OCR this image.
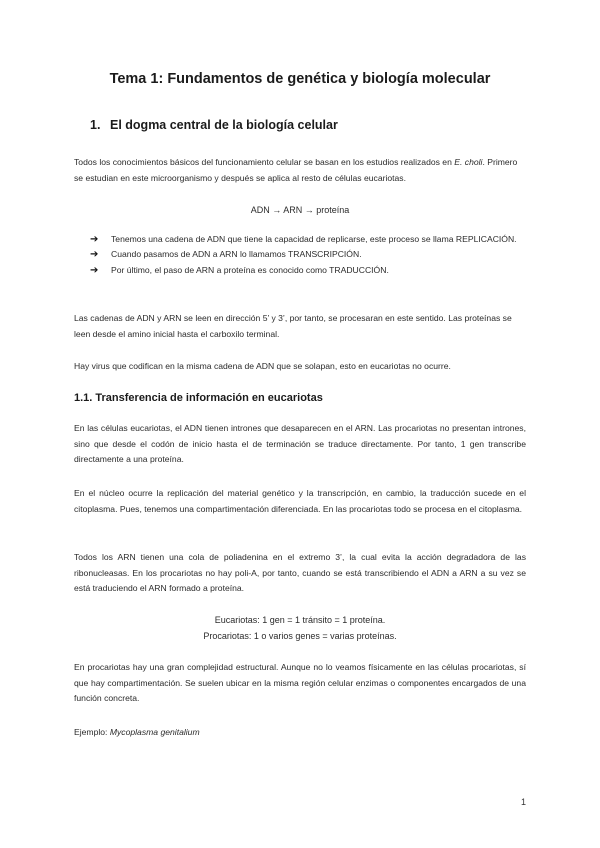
Tema 1: Fundamentos de genética y biología molecular
1. El dogma central de la biología celular

Todos los conocimientos básicos del funcionamiento celular se basan en los estudios realizados en E. choli. Primero se estudian en este microorganismo y después se aplica al resto de células eucariotas.

ADN → ARN → proteína
➔ Tenemos una cadena de ADN que tiene la capacidad de replicarse, este proceso se llama REPLICACIÓN.
➔ Cuando pasamos de ADN a ARN lo llamamos TRANSCRIPCIÓN.
➔ Por último, el paso de ARN a proteína es conocido como TRADUCCIÓN.

Las cadenas de ADN y ARN se leen en dirección 5’ y 3’, por tanto, se procesaran en este sentido. Las proteínas se leen desde el amino inicial hasta el carboxilo terminal.

Hay virus que codifican en la misma cadena de ADN que se solapan, esto en eucariotas no ocurre.

1.1. Transferencia de información en eucariotas

En las células eucariotas, el ADN tienen intrones que desaparecen en el ARN. Las procariotas no presentan intrones, sino que desde el codón de inicio hasta el de terminación se traduce directamente. Por tanto, 1 gen transcribe directamente a una proteína.

En el núcleo ocurre la replicación del material genético y la transcripción, en cambio, la traducción sucede en el citoplasma. Pues, tenemos una compartimentación diferenciada. En las procariotas todo se procesa en el citoplasma.

Todos los ARN tienen una cola de poliadenina en el extremo 3’, la cual evita la acción degradadora de las ribonucleasas. En los procariotas no hay poli-A, por tanto, cuando se está transcribiendo el ADN a ARN a su vez se está traduciendo el ARN formado a proteína.

Eucariotas: 1 gen = 1 tránsito = 1 proteína.
Procariotas: 1 o varios genes = varias proteínas.

En procariotas hay una gran complejidad estructural. Aunque no lo veamos físicamente en las células procariotas, sí que hay compartimentación. Se suelen ubicar en la misma región celular enzimas o componentes encargados de una función concreta.

Ejemplo: Mycoplasma genitalium

1
